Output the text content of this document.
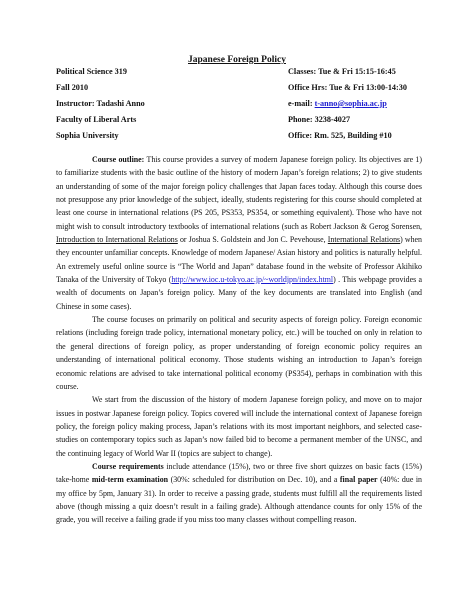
Japanese Foreign Policy
Political Science 319
Fall 2010
Instructor: Tadashi Anno
Faculty of Liberal Arts
Sophia University
Classes: Tue & Fri 15:15-16:45
Office Hrs: Tue & Fri 13:00-14:30
e-mail: t-anno@sophia.ac.jp
Phone: 3238-4027
Office: Rm. 525, Building #10

Course outline: This course provides a survey of modern Japanese foreign policy. Its objectives are 1) to familiarize students with the basic outline of the history of modern Japan’s foreign relations; 2) to give students an understanding of some of the major foreign policy challenges that Japan faces today. Although this course does not presuppose any prior knowledge of the subject, ideally, students registering for this course should completed at least one course in international relations (PS 205, PS353, PS354, or something equivalent). Those who have not might wish to consult introductory textbooks of international relations (such as Robert Jackson & Gerog Sorensen, Introduction to International Relations or Joshua S. Goldstein and Jon C. Pevehouse, International Relations) when they encounter unfamiliar concepts. Knowledge of modern Japanese/ Asian history and politics is naturally helpful. An extremely useful online source is “The World and Japan” database found in the website of Professor Akihiko Tanaka of the University of Tokyo (http://www.ioc.u-tokyo.ac.jp/~worldjpn/index.html) . This webpage provides a wealth of documents on Japan’s foreign policy. Many of the key documents are translated into English (and Chinese in some cases).

The course focuses on primarily on political and security aspects of foreign policy. Foreign economic relations (including foreign trade policy, international monetary policy, etc.) will be touched on only in relation to the general directions of foreign policy, as proper understanding of foreign economic policy requires an understanding of international political economy. Those students wishing an introduction to Japan’s foreign economic relations are advised to take international political economy (PS354), perhaps in combination with this course.

We start from the discussion of the history of modern Japanese foreign policy, and move on to major issues in postwar Japanese foreign policy. Topics covered will include the international context of Japanese foreign policy, the foreign policy making process, Japan’s relations with its most important neighbors, and selected case-studies on contemporary topics such as Japan’s now failed bid to become a permanent member of the UNSC, and the continuing legacy of World War II (topics are subject to change).

Course requirements include attendance (15%), two or three five short quizzes on basic facts (15%) take-home mid-term examination (30%: scheduled for distribution on Dec. 10), and a final paper (40%: due in my office by 5pm, January 31). In order to receive a passing grade, students must fulfill all the requirements listed above (though missing a quiz doesn’t result in a failing grade). Although attendance counts for only 15% of the grade, you will receive a failing grade if you miss too many classes without compelling reason.
